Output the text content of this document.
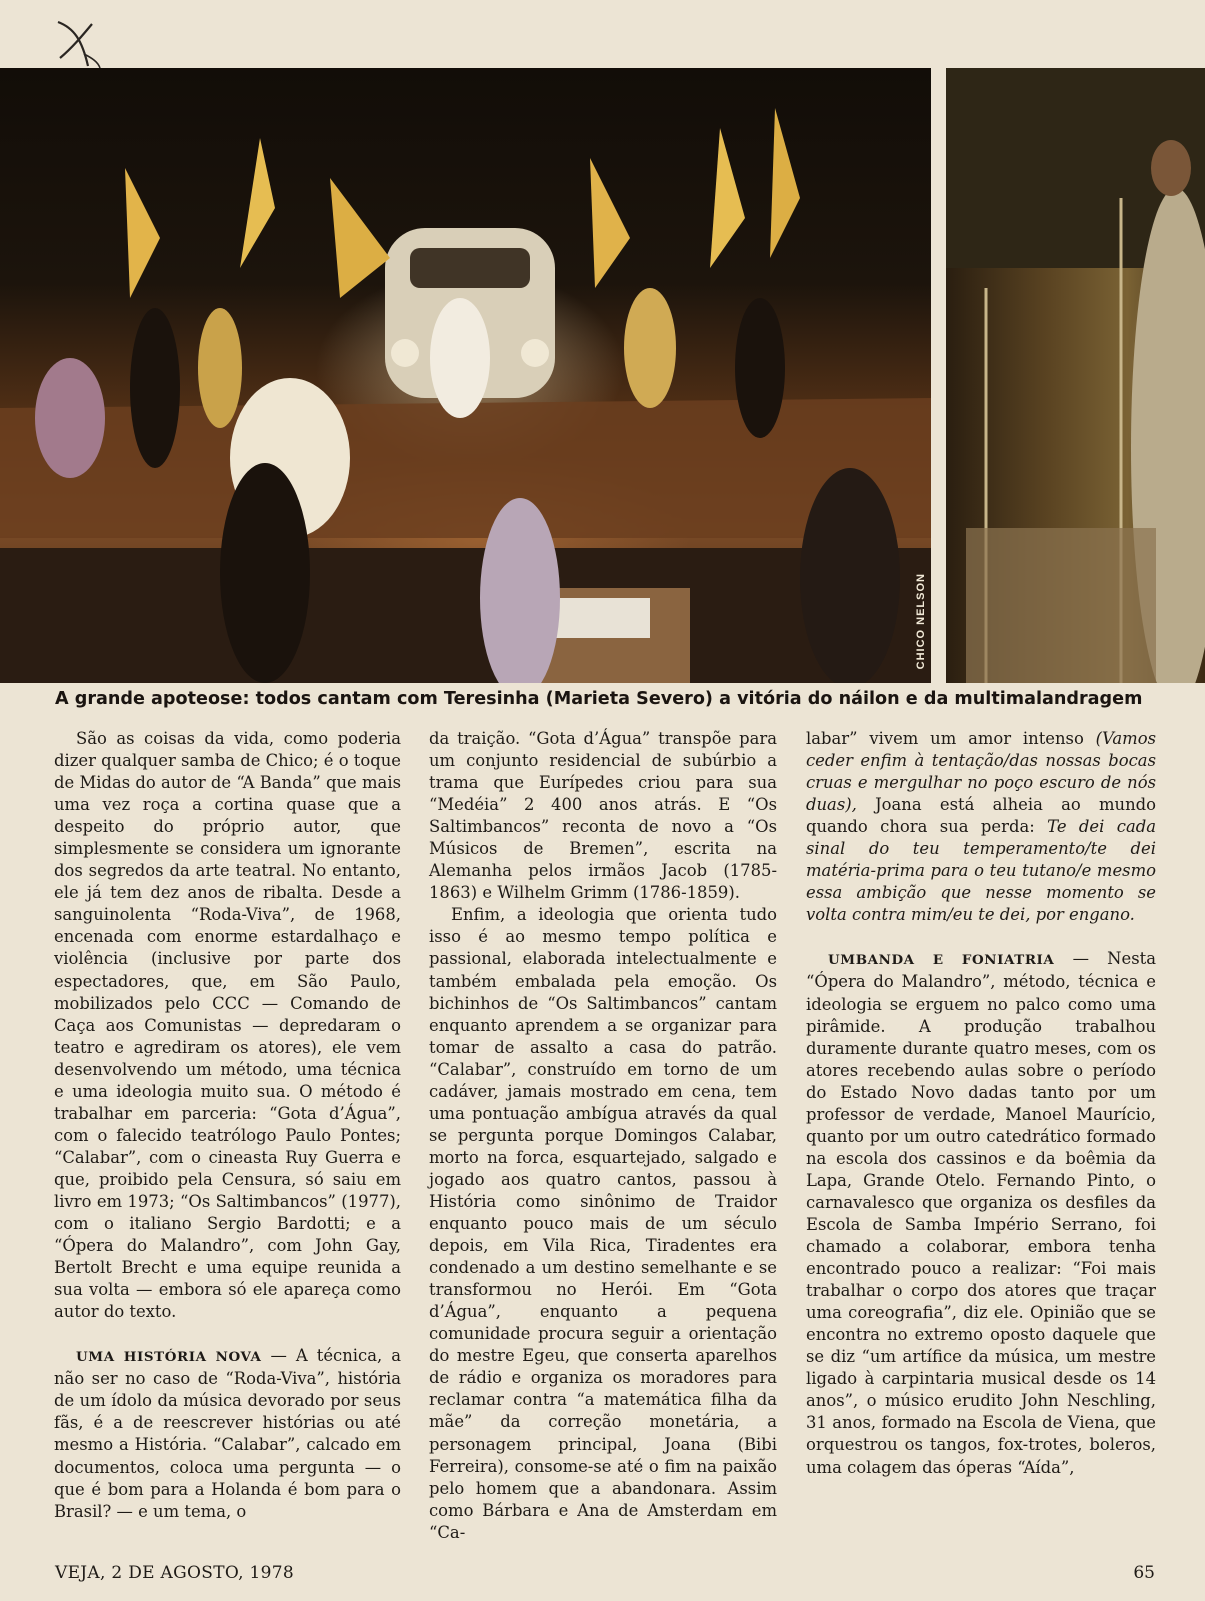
CHICO NELSON
A grande apoteose: todos cantam com Teresinha (Marieta Severo) a vitória do náilon e da multimalandragem

São as coisas da vida, como poderia dizer qualquer samba de Chico; é o toque de Midas do autor de “A Banda” que mais uma vez roça a cortina quase que a despeito do próprio autor, que simplesmente se considera um ignorante dos segredos da arte teatral. No entanto, ele já tem dez anos de ribalta. Desde a sanguinolenta “Roda-Viva”, de 1968, encenada com enorme estardalhaço e violência (inclusive por parte dos espectadores, que, em São Paulo, mobilizados pelo CCC — Comando de Caça aos Comunistas — depredaram o teatro e agrediram os atores), ele vem desenvolvendo um método, uma técnica e uma ideologia muito sua. O método é trabalhar em parceria: “Gota d’Água”, com o falecido teatrólogo Paulo Pontes; “Calabar”, com o cineasta Ruy Guerra e que, proibido pela Censura, só saiu em livro em 1973; “Os Saltimbancos” (1977), com o italiano Sergio Bardotti; e a “Ópera do Malandro”, com John Gay, Bertolt Brecht e uma equipe reunida a sua volta — embora só ele apareça como autor do texto.

UMA HISTÓRIA NOVA — A técnica, a não ser no caso de “Roda-Viva”, história de um ídolo da música devorado por seus fãs, é a de reescrever histórias ou até mesmo a História. “Calabar”, calcado em documentos, coloca uma pergunta — o que é bom para a Holanda é bom para o Brasil? — e um tema, o

da traição. “Gota d’Água” transpõe para um conjunto residencial de subúrbio a trama que Eurípedes criou para sua “Medéia” 2 400 anos atrás. E “Os Saltimbancos” reconta de novo a “Os Músicos de Bremen”, escrita na Alemanha pelos irmãos Jacob (1785-1863) e Wilhelm Grimm (1786-1859).

Enfim, a ideologia que orienta tudo isso é ao mesmo tempo política e passional, elaborada intelectualmente e também embalada pela emoção. Os bichinhos de “Os Saltimbancos” cantam enquanto aprendem a se organizar para tomar de assalto a casa do patrão. “Calabar”, construído em torno de um cadáver, jamais mostrado em cena, tem uma pontuação ambígua através da qual se pergunta porque Domingos Calabar, morto na forca, esquartejado, salgado e jogado aos quatro cantos, passou à História como sinônimo de Traidor enquanto pouco mais de um século depois, em Vila Rica, Tiradentes era condenado a um destino semelhante e se transformou no Herói. Em “Gota d’Água”, enquanto a pequena comunidade procura seguir a orientação do mestre Egeu, que conserta aparelhos de rádio e organiza os moradores para reclamar contra “a matemática filha da mãe” da correção monetária, a personagem principal, Joana (Bibi Ferreira), consome-se até o fim na paixão pelo homem que a abandonara. Assim como Bárbara e Ana de Amsterdam em “Ca-

labar” vivem um amor intenso (Vamos ceder enfim à tentação/das nossas bocas cruas e mergulhar no poço escuro de nós duas), Joana está alheia ao mundo quando chora sua perda: Te dei cada sinal do teu temperamento/te dei matéria-prima para o teu tutano/e mesmo essa ambição que nesse momento se volta contra mim/eu te dei, por engano.

UMBANDA E FONIATRIA — Nesta “Ópera do Malandro”, método, técnica e ideologia se erguem no palco como uma pirâmide. A produção trabalhou duramente durante quatro meses, com os atores recebendo aulas sobre o período do Estado Novo dadas tanto por um professor de verdade, Manoel Maurício, quanto por um outro catedrático formado na escola dos cassinos e da boêmia da Lapa, Grande Otelo. Fernando Pinto, o carnavalesco que organiza os desfiles da Escola de Samba Império Serrano, foi chamado a colaborar, embora tenha encontrado pouco a realizar: “Foi mais trabalhar o corpo dos atores que traçar uma coreografia”, diz ele. Opinião que se encontra no extremo oposto daquele que se diz “um artífice da música, um mestre ligado à carpintaria musical desde os 14 anos”, o músico erudito John Neschling, 31 anos, formado na Escola de Viena, que orquestrou os tangos, fox-trotes, boleros, uma colagem das óperas “Aída”,

VEJA, 2 DE AGOSTO, 1978	65
